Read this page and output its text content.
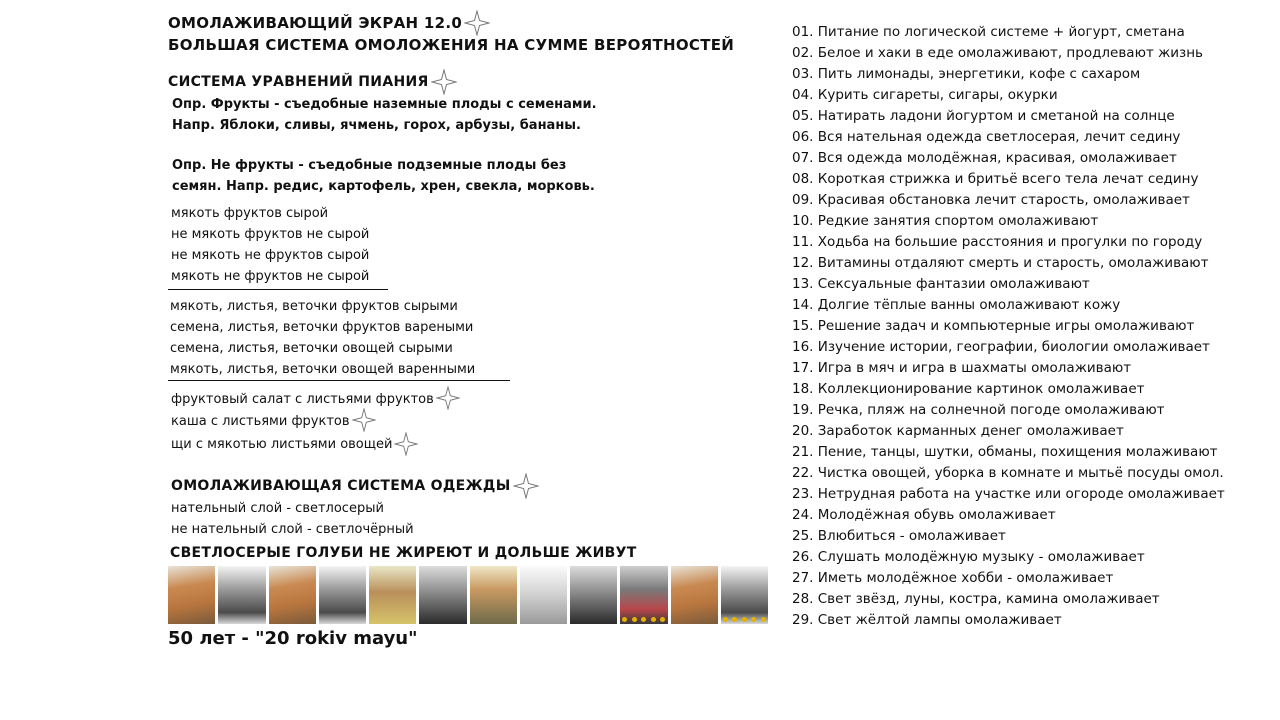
ОМОЛАЖИВАЮЩИЙ ЭКРАН 12.0
БОЛЬШАЯ СИСТЕМА ОМОЛОЖЕНИЯ НА СУММЕ ВЕРОЯТНОСТЕЙ
СИСТЕМА УРАВНЕНИЙ ПИАНИЯ
Опр. Фрукты - съедобные наземные плоды с семенами.
Напр. Яблоки, сливы, ячмень, горох, арбузы, бананы.
Опр. Не фрукты - съедобные подземные плоды без
семян. Напр. редис, картофель, хрен, свекла, морковь.
мякоть фруктов сырой
не мякоть фруктов не сырой
не мякоть не фруктов сырой
мякоть не фруктов не сырой
мякоть, листья, веточки фруктов сырыми
семена, листья, веточки фруктов вареными
семена, листья, веточки овощей сырыми
мякоть, листья, веточки овощей варенными
фруктовый салат с листьями фруктов
каша с листьями фруктов
щи с мякотью листьями овощей
ОМОЛАЖИВАЮЩАЯ СИСТЕМА ОДЕЖДЫ
нательный слой - светлосерый
не нательный слой - светлочёрный
СВЕТЛОСЕРЫЕ ГОЛУБИ НЕ ЖИРЕЮТ И ДОЛЬШЕ ЖИВУТ
50 лет - "20 rokiv mayu"
01. Питание по логической системе + йогурт, сметана
02. Белое и хаки в еде омолаживают, продлевают жизнь
03. Пить лимонады, энергетики, кофе с сахаром
04. Курить сигареты, сигары, окурки
05. Натирать ладони йогуртом и сметаной на солнце
06. Вся нательная одежда светлосерая, лечит седину
07. Вся одежда молодёжная, красивая, омолаживает
08. Короткая стрижка и бритьё всего тела лечат седину
09. Красивая обстановка лечит старость, омолаживает
10. Редкие занятия спортом омолаживают
11. Ходьба на большие расстояния и прогулки по городу
12. Витамины отдаляют смерть и старость, омолаживают
13. Сексуальные фантазии омолаживают
14. Долгие тёплые ванны омолаживают кожу
15. Решение задач и компьютерные игры омолаживают
16. Изучение истории, географии, биологии омолаживает
17. Игра в мяч и игра в шахматы омолаживают
18. Коллекционирование картинок омолаживает
19. Речка, пляж на солнечной погоде омолаживают
20. Заработок карманных денег омолаживает
21. Пение, танцы, шутки, обманы, похищения молаживают
22. Чистка овощей, уборка в комнате и мытьё посуды омол.
23. Нетрудная работа на участке или огороде омолаживает
24. Молодёжная обувь омолаживает
25. Влюбиться - омолаживает
26. Слушать молодёжную музыку - омолаживает
27. Иметь молодёжное хобби - омолаживает
28. Свет звёзд, луны, костра, камина омолаживает
29. Свет жёлтой лампы омолаживает
